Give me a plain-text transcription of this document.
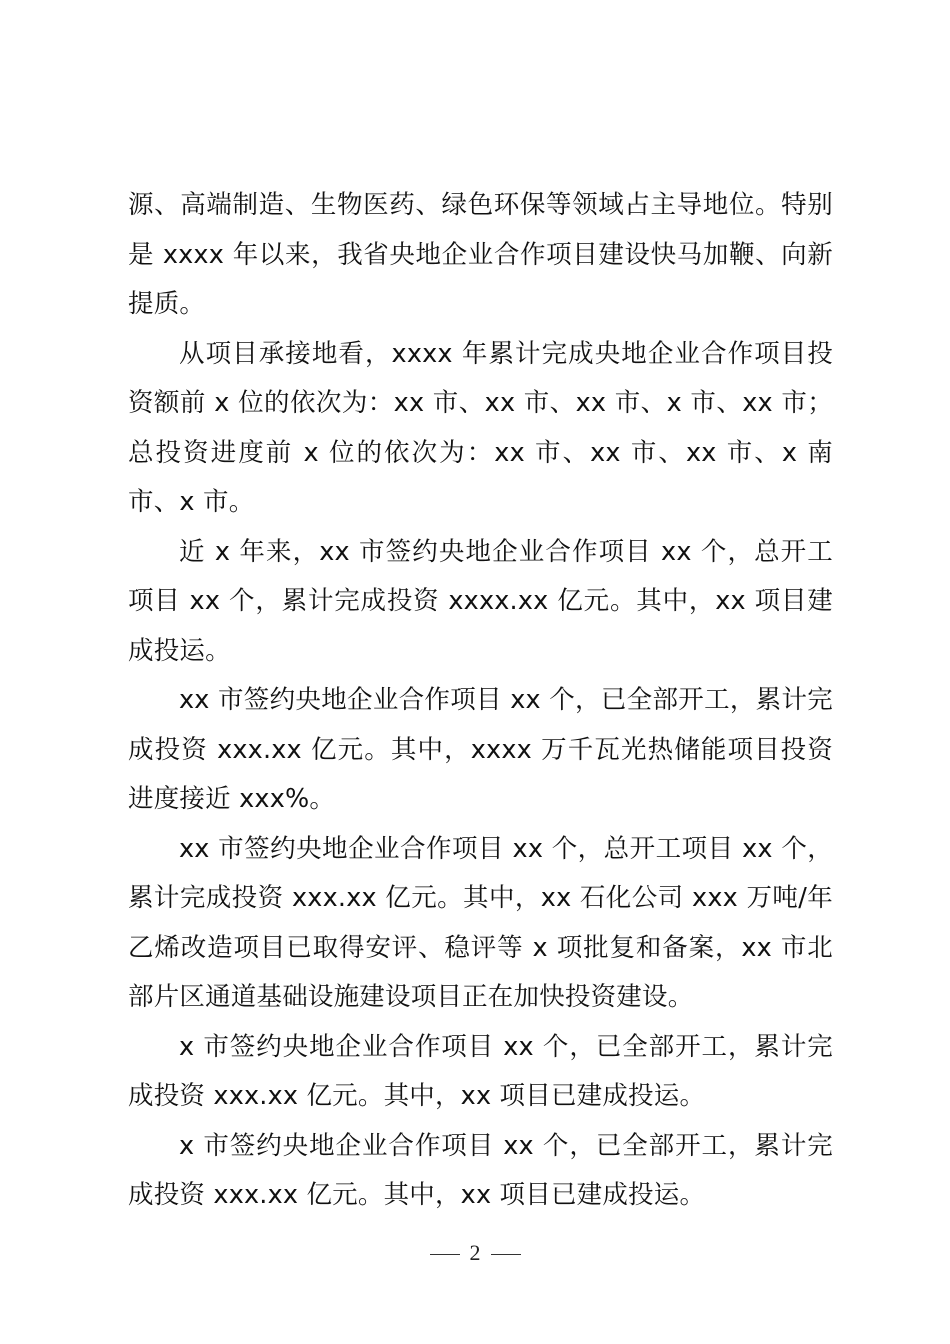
源、高端制造、生物医药、绿色环保等领域占主导地位。特别是 xxxx 年以来，我省央地企业合作项目建设快马加鞭、向新提质。

从项目承接地看，xxxx 年累计完成央地企业合作项目投资额前 x 位的依次为：xx 市、xx 市、xx 市、x 市、xx 市；总投资进度前 x 位的依次为：xx 市、xx 市、xx 市、x 南市、x 市。

近 x 年来，xx 市签约央地企业合作项目 xx 个，总开工项目 xx 个，累计完成投资 xxxx.xx 亿元。其中，xx 项目建成投运。

xx 市签约央地企业合作项目 xx 个，已全部开工，累计完成投资 xxx.xx 亿元。其中，xxxx 万千瓦光热储能项目投资进度接近 xxx%。

xx 市签约央地企业合作项目 xx 个，总开工项目 xx 个，累计完成投资 xxx.xx 亿元。其中，xx 石化公司 xxx 万吨/年乙烯改造项目已取得安评、稳评等 x 项批复和备案，xx 市北部片区通道基础设施建设项目正在加快投资建设。

x 市签约央地企业合作项目 xx 个，已全部开工，累计完成投资 xxx.xx 亿元。其中，xx 项目已建成投运。

x 市签约央地企业合作项目 xx 个，已全部开工，累计完成投资 xxx.xx 亿元。其中，xx 项目已建成投运。

2
